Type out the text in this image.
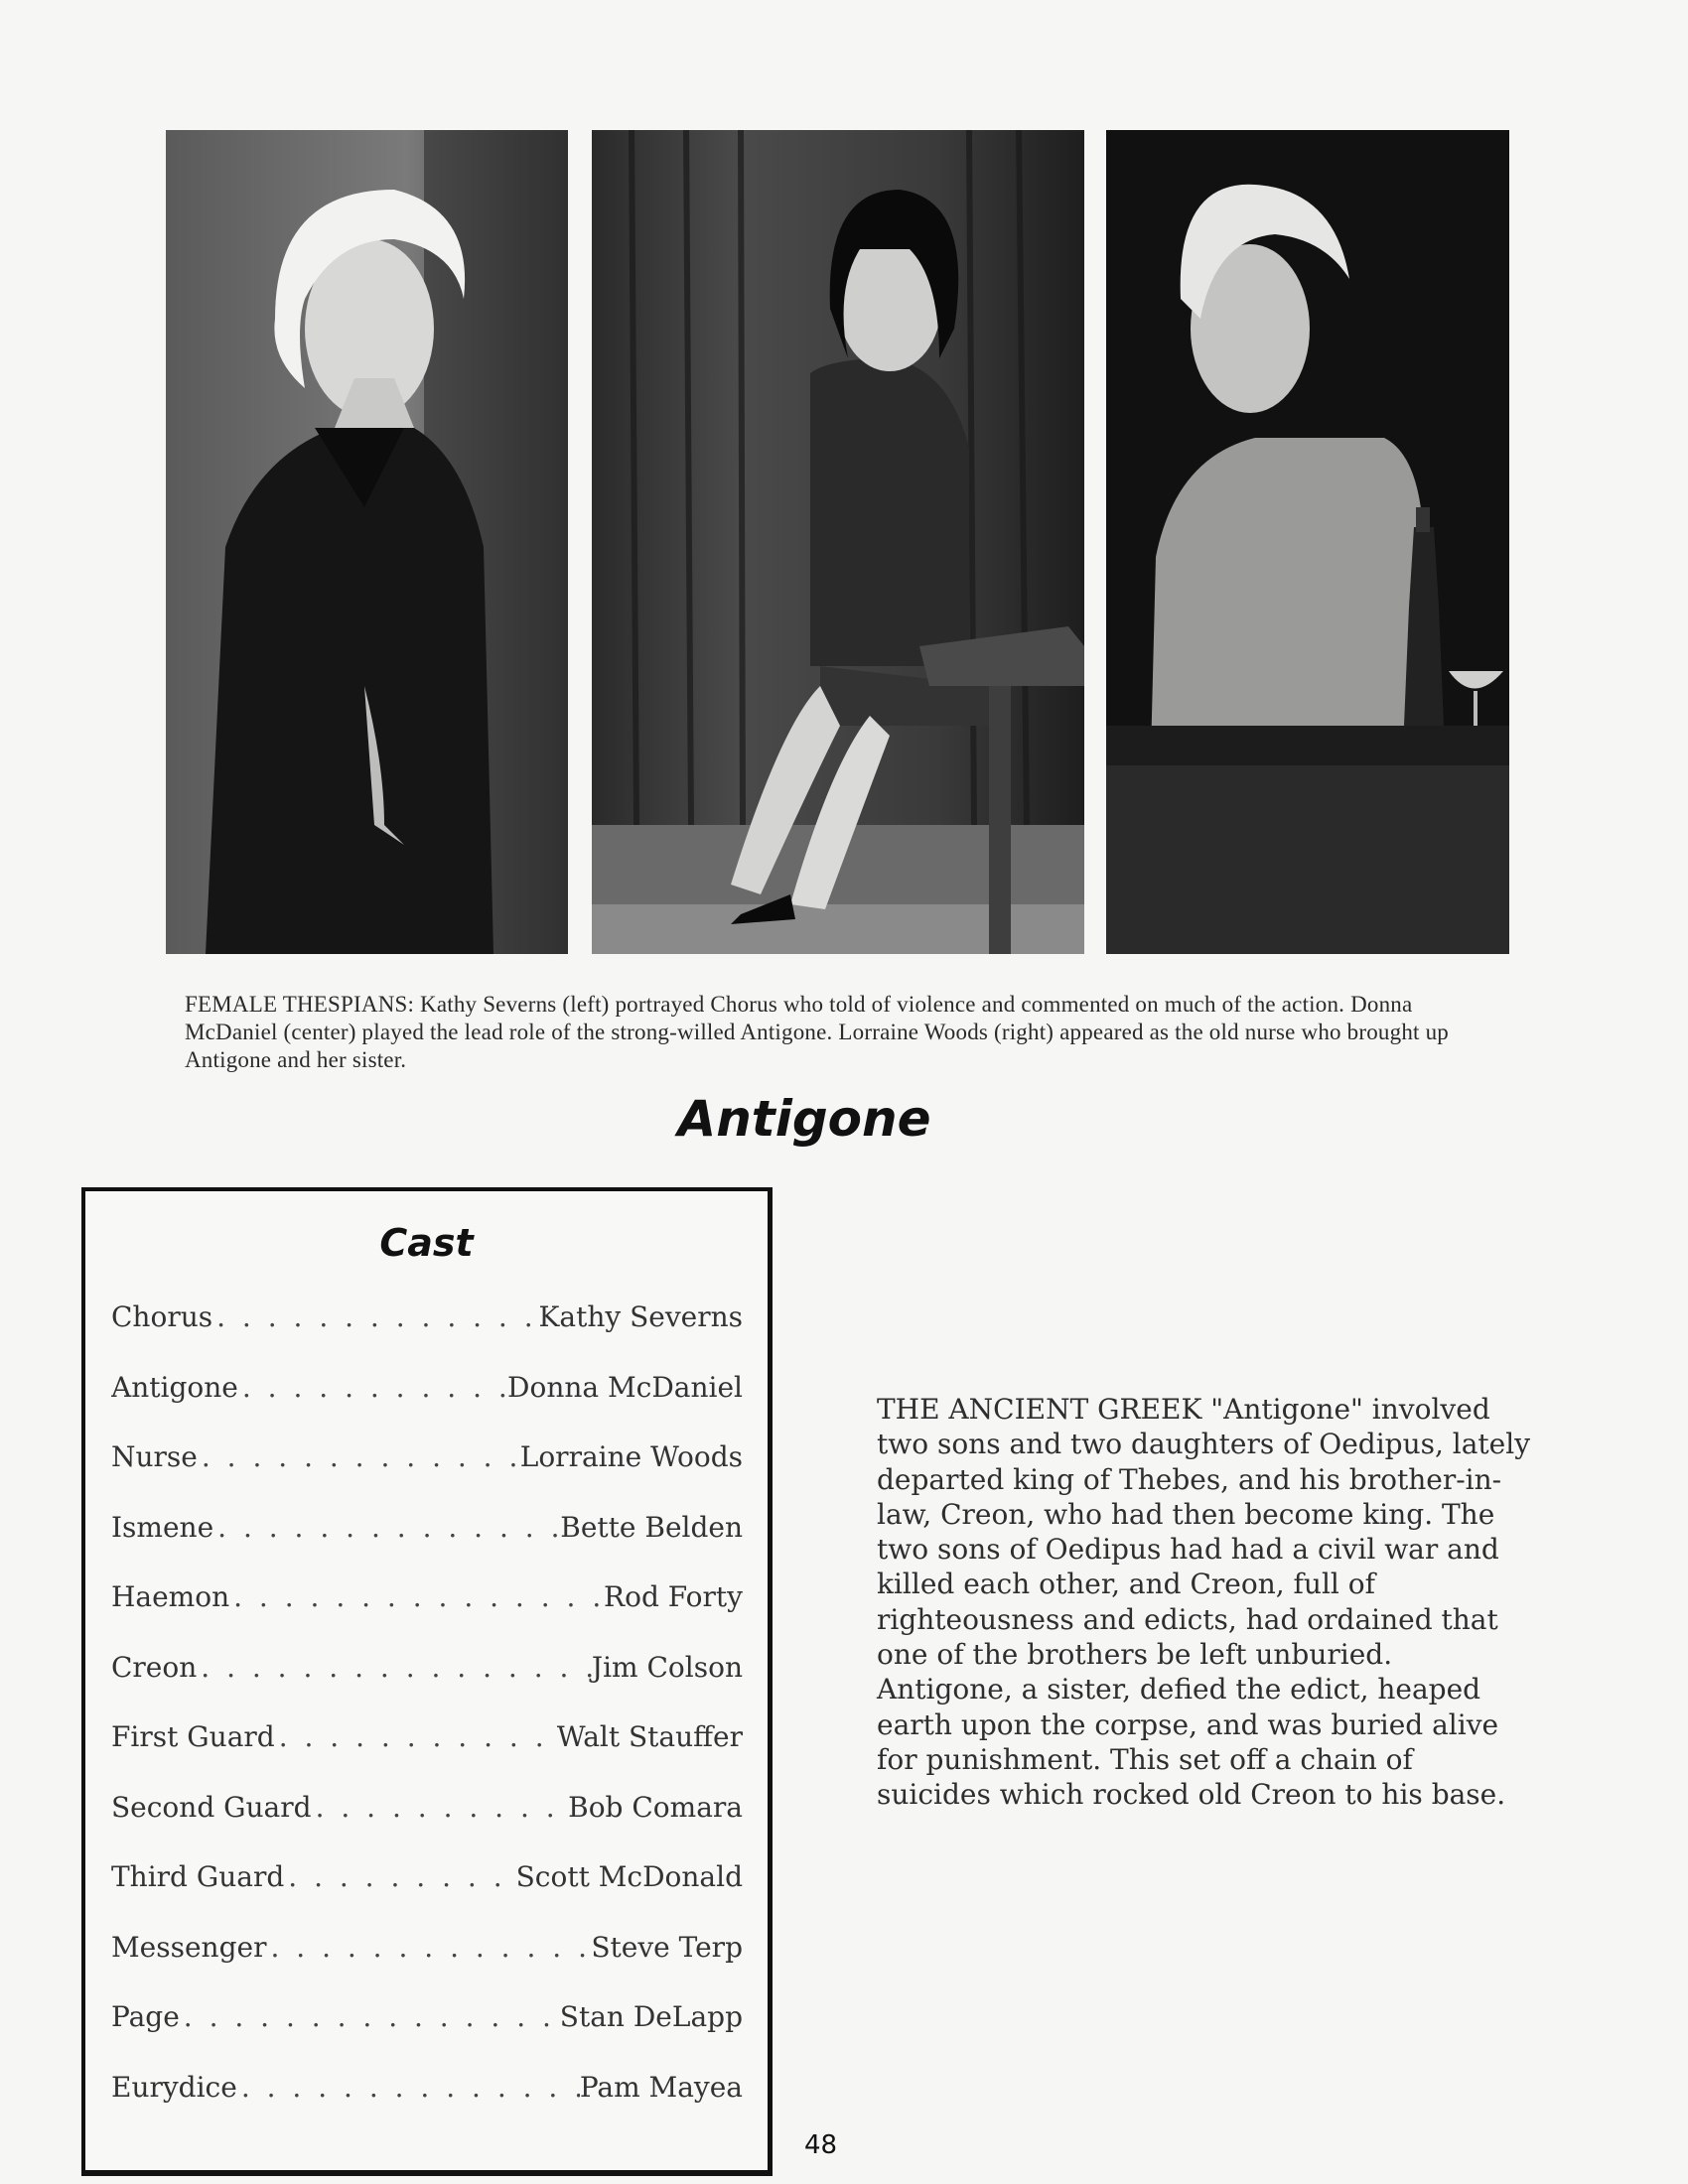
FEMALE THESPIANS: Kathy Severns (left) portrayed Chorus who told of violence and commented on much of the action. Donna McDaniel (center) played the lead role of the strong-willed Antigone. Lorraine Woods (right) appeared as the old nurse who brought up Antigone and her sister.
Antigone
Cast
Chorus . . .	Kathy Severns
Antigone . . .	Donna McDaniel
Nurse . . .	Lorraine Woods
Ismene . . .	Bette Belden
Haemon . . .	Rod Forty
Creon . . .	Jim Colson
First Guard . . .	Walt Stauffer
Second Guard . . .	Bob Comara
Third Guard . . .	Scott McDonald
Messenger . . .	Steve Terp
Page . . .	Stan DeLapp
Eurydice . . .	Pam Mayea
THE ANCIENT GREEK "Antigone" involved two sons and two daughters of Oedipus, lately departed king of Thebes, and his brother-in-law, Creon, who had then become king. The two sons of Oedipus had had a civil war and killed each other, and Creon, full of righteousness and edicts, had ordained that one of the brothers be left unburied. Antigone, a sister, defied the edict, heaped earth upon the corpse, and was buried alive for punishment. This set off a chain of suicides which rocked old Creon to his base.
48
